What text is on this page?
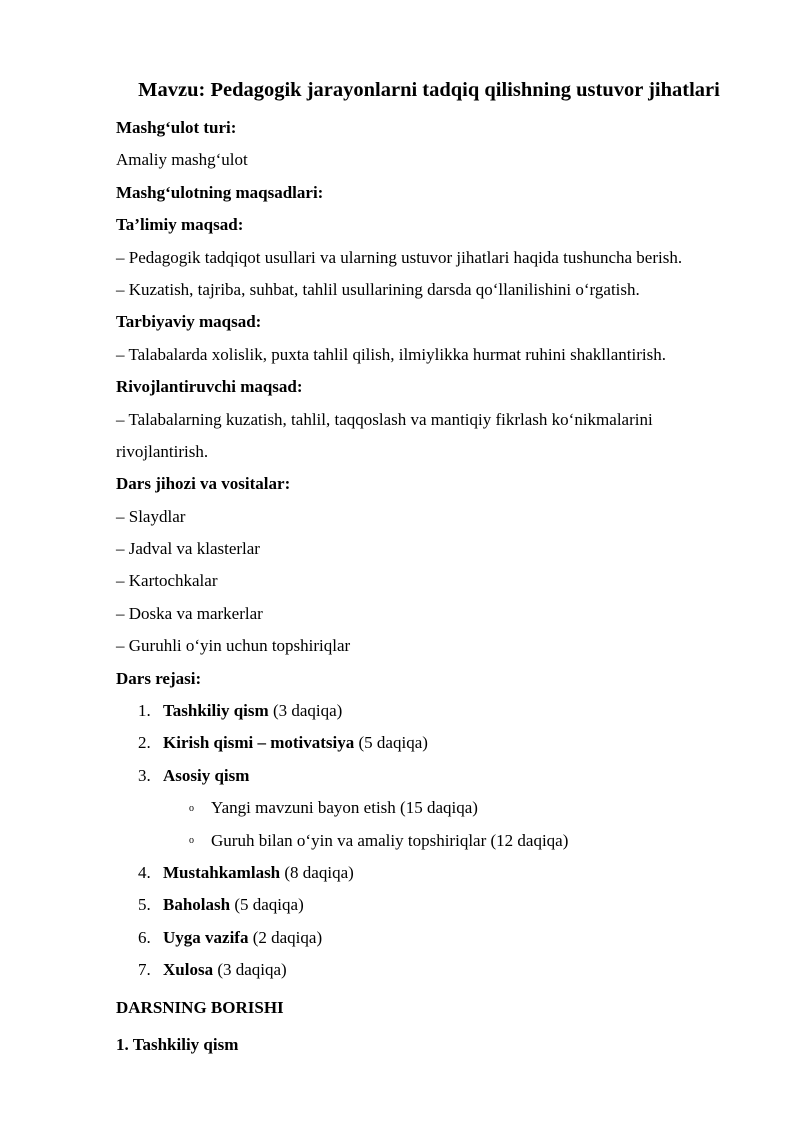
Mavzu: Pedagogik jarayonlarni tadqiq qilishning ustuvor jihatlari
Mashg‘ulot turi:
Amaliy mashg‘ulot
Mashg‘ulotning maqsadlari:
Ta’limiy maqsad:
– Pedagogik tadqiqot usullari va ularning ustuvor jihatlari haqida tushuncha berish.
– Kuzatish, tajriba, suhbat, tahlil usullarining darsda qo‘llanilishini o‘rgatish.
Tarbiyaviy maqsad:
– Talabalarda xolislik, puxta tahlil qilish, ilmiylikka hurmat ruhini shakllantirish.
Rivojlantiruvchi maqsad:
– Talabalarning kuzatish, tahlil, taqqoslash va mantiqiy fikrlash ko‘nikmalarini
rivojlantirish.
Dars jihozi va vositalar:
– Slaydlar
– Jadval va klasterlar
– Kartochkalar
– Doska va markerlar
– Guruhli o‘yin uchun topshiriqlar
Dars rejasi:
1. Tashkiliy qism (3 daqiqa)
2. Kirish qismi – motivatsiya (5 daqiqa)
3. Asosiy qism
o Yangi mavzuni bayon etish (15 daqiqa)
o Guruh bilan o‘yin va amaliy topshiriqlar (12 daqiqa)
4. Mustahkamlash (8 daqiqa)
5. Baholash (5 daqiqa)
6. Uyga vazifa (2 daqiqa)
7. Xulosa (3 daqiqa)
DARSNING BORISHI
1. Tashkiliy qism
